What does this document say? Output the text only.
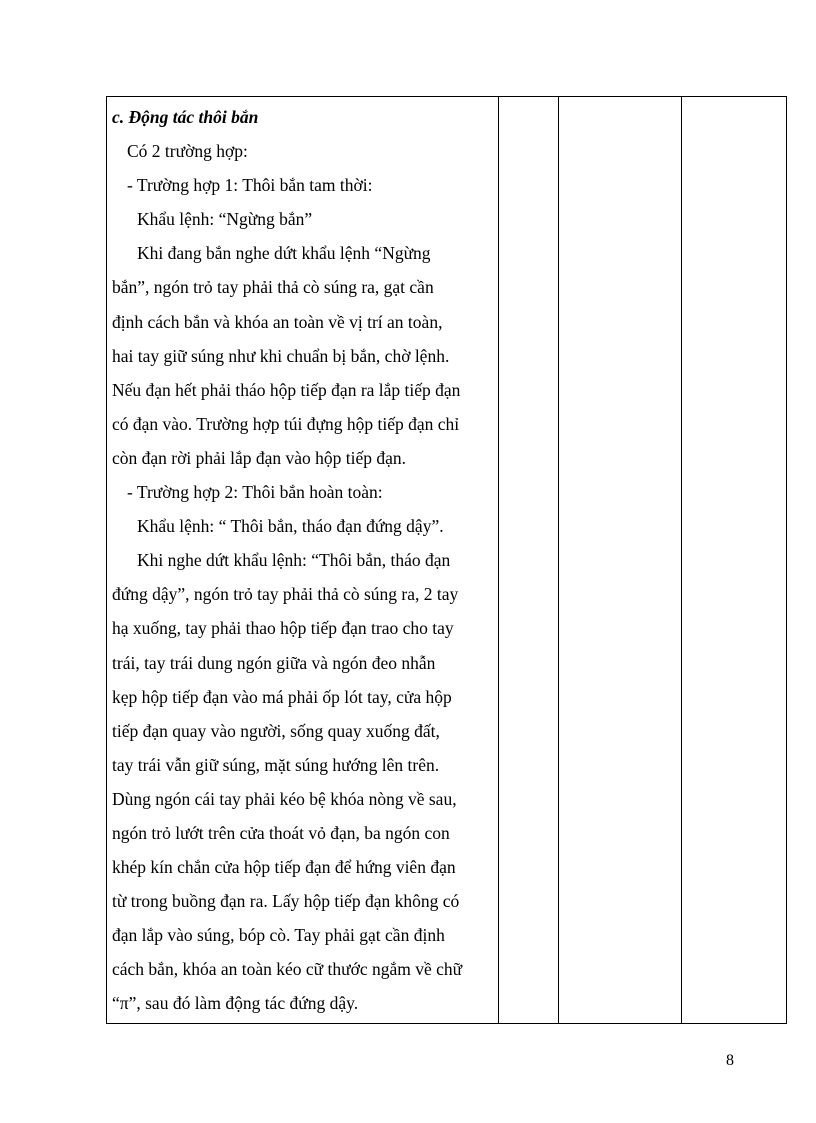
c. Động tác thôi bắn
Có 2 trường hợp:
- Trường hợp 1: Thôi bắn tam thời:
Khẩu lệnh: “Ngừng bắn”
Khi đang bắn nghe dứt khẩu lệnh “Ngừng
bắn”, ngón trỏ tay phải thả cò súng ra, gạt cần
định cách bắn và khóa an toàn về vị trí an toàn,
hai tay giữ súng như khi chuẩn bị bắn, chờ lệnh.
Nếu đạn hết phải tháo hộp tiếp đạn ra lắp tiếp đạn
có đạn vào. Trường hợp túi đựng hộp tiếp đạn chỉ
còn đạn rời phải lắp đạn vào hộp tiếp đạn.
- Trường hợp 2: Thôi bắn hoàn toàn:
Khẩu lệnh: “ Thôi bắn, tháo đạn đứng dậy”.
Khi nghe dứt khẩu lệnh: “Thôi bắn, tháo đạn
đứng dậy”, ngón trỏ tay phải thả cò súng ra, 2 tay
hạ xuống, tay phải thao hộp tiếp đạn trao cho tay
trái, tay trái dung ngón giữa và ngón đeo nhẫn
kẹp hộp tiếp đạn vào má phải ốp lót tay, cửa hộp
tiếp đạn quay vào người, sống quay xuống đất,
tay trái vẫn giữ súng, mặt súng hướng lên trên.
Dùng ngón cái tay phải kéo bệ khóa nòng về sau,
ngón trỏ lướt trên cửa thoát vỏ đạn, ba ngón con
khép kín chắn cửa hộp tiếp đạn để hứng viên đạn
từ trong buồng đạn ra. Lấy hộp tiếp đạn không có
đạn lắp vào súng, bóp cò. Tay phải gạt cần định
cách bắn, khóa an toàn kéo cữ thước ngắm về chữ
“π”, sau đó làm động tác đứng dậy.

8
